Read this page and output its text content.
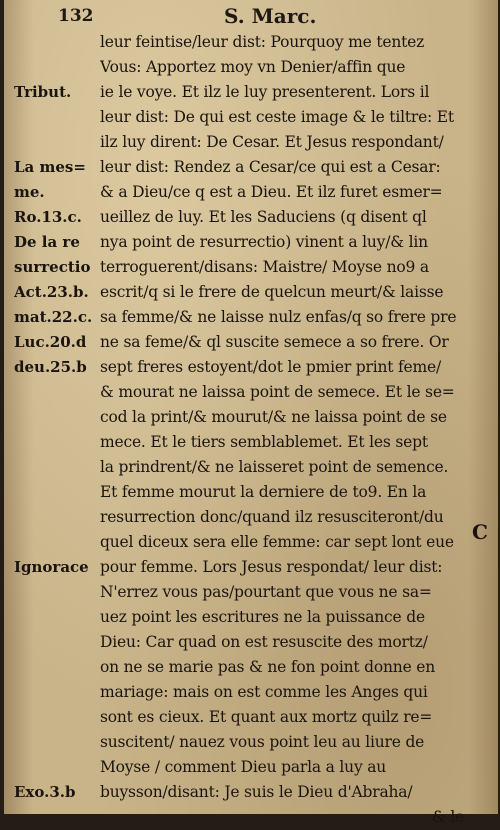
132	S. Marc.
leur feintise/leur dist: Pourquoy me tentez
Vous: Apportez moy vn Denier/affin que
ie le voye. Et ilz le luy presenterent. Lors il
leur dist: De qui est ceste image & le tiltre: Et
ilz luy dirent: De Cesar. Et Jesus respondant/
leur dist: Rendez a Cesar/ce qui est a Cesar:
& a Dieu/ce q est a Dieu. Et ilz furet esmer=
ueillez de luy. Et les Saduciens (q disent ql
nya point de resurrectio) vinent a luy/& lin
terroguerent/disans: Maistre/ Moyse no9 a
escrit/q si le frere de quelcun meurt/& laisse
sa femme/& ne laisse nulz enfas/q so frere pre
ne sa feme/& ql suscite semece a so frere. Or
sept freres estoyent/dot le pmier print feme/
& mourat ne laissa point de semece. Et le se=
cod la print/& mourut/& ne laissa point de se
mece. Et le tiers semblablemet. Et les sept
la prindrent/& ne laisseret point de semence.
Et femme mourut la derniere de to9. En la
resurrection donc/quand ilz resusciteront/du
quel diceux sera elle femme: car sept lont eue
pour femme. Lors Jesus respondat/ leur dist:
N'errez vous pas/pourtant que vous ne sa=
uez point les escritures ne la puissance de
Dieu: Car quad on est resuscite des mortz/
on ne se marie pas & ne fon point donne en
mariage: mais on est comme les Anges qui
sont es cieux. Et quant aux mortz quilz re=
suscitent/ nauez vous point leu au liure de
Moyse / comment Dieu parla a luy au
buysson/disant: Je suis le Dieu d'Abraha/
& le
Tribut.
La mes=
me.
Ro.13.c.
De la re
surrectio
Act.23.b.
mat.22.c.
Luc.20.d
deu.25.b
Ignorace
Exo.3.b
C
